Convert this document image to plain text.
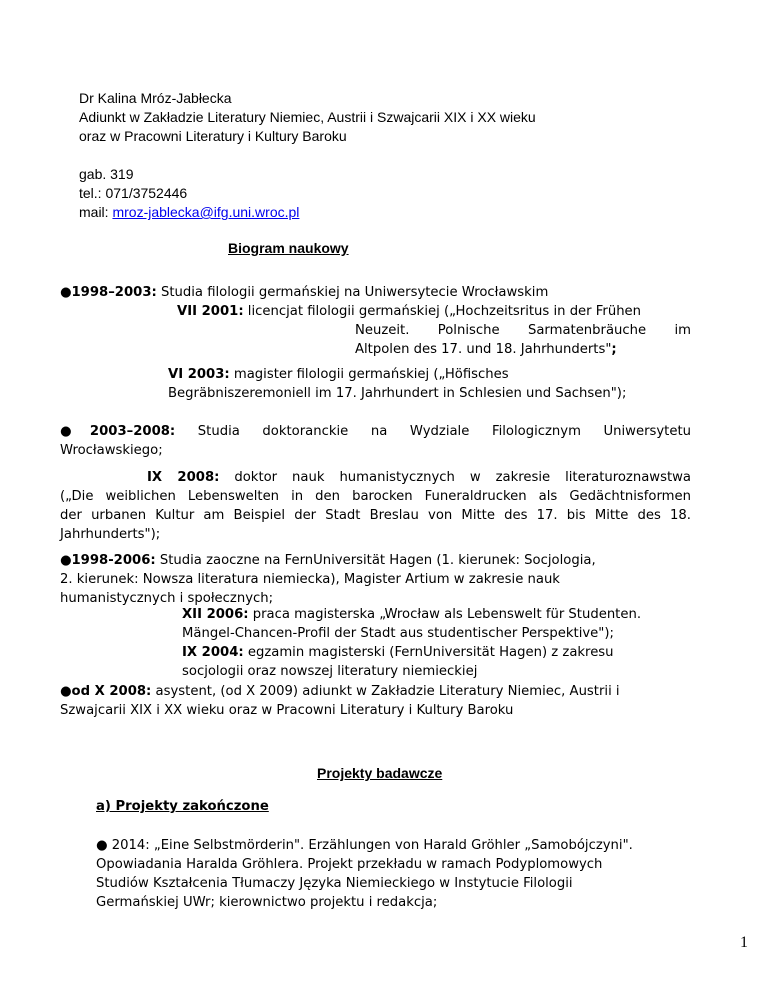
Dr Kalina Mróz-Jabłecka
Adiunkt w Zakładzie Literatury Niemiec, Austrii i Szwajcarii XIX i XX wieku
oraz w Pracowni Literatury i Kultury Baroku
gab. 319
tel.: 071/3752446
mail: mroz-jablecka@ifg.uni.wroc.pl
Biogram naukowy
●1998–2003: Studia filologii germańskiej na Uniwersytecie Wrocławskim
VII 2001: licencjat filologii germańskiej („Hochzeitsritus in der Frühen
Neuzeit. Polnische Sarmatenbräuche im
Altpolen des 17. und 18. Jahrhunderts";
VI 2003: magister filologii germańskiej („Höfisches
Begräbniszeremoniell im 17. Jahrhundert in Schlesien und Sachsen");
●2003–2008: Studia doktoranckie na Wydziale Filologicznym Uniwersytetu
Wrocławskiego;
IX 2008: doktor nauk humanistycznych w zakresie literaturoznawstwa
(„Die weiblichen Lebenswelten in den barocken Funeraldrucken als Gedächtnisformen
der urbanen Kultur am Beispiel der Stadt Breslau von Mitte des 17. bis Mitte des 18.
Jahrhunderts");
●1998-2006: Studia zaoczne na FernUniversität Hagen (1. kierunek: Socjologia,
2. kierunek: Nowsza literatura niemiecka), Magister Artium w zakresie nauk
humanistycznych i społecznych;
XII 2006: praca magisterska „Wrocław als Lebenswelt für Studenten.
Mängel-Chancen-Profil der Stadt aus studentischer Perspektive");
IX 2004: egzamin magisterski (FernUniversität Hagen) z zakresu
socjologii oraz nowszej literatury niemieckiej
●od X 2008: asystent, (od X 2009) adiunkt w Zakładzie Literatury Niemiec, Austrii i
Szwajcarii XIX i XX wieku oraz w Pracowni Literatury i Kultury Baroku
Projekty badawcze
a) Projekty zakończone
● 2014: „Eine Selbstmörderin". Erzählungen von Harald Gröhler „Samobójczyni".
Opowiadania Haralda Gröhlera. Projekt przekładu w ramach Podyplomowych
Studiów Kształcenia Tłumaczy Języka Niemieckiego w Instytucie Filologii
Germańskiej UWr; kierownictwo projektu i redakcja;
1
